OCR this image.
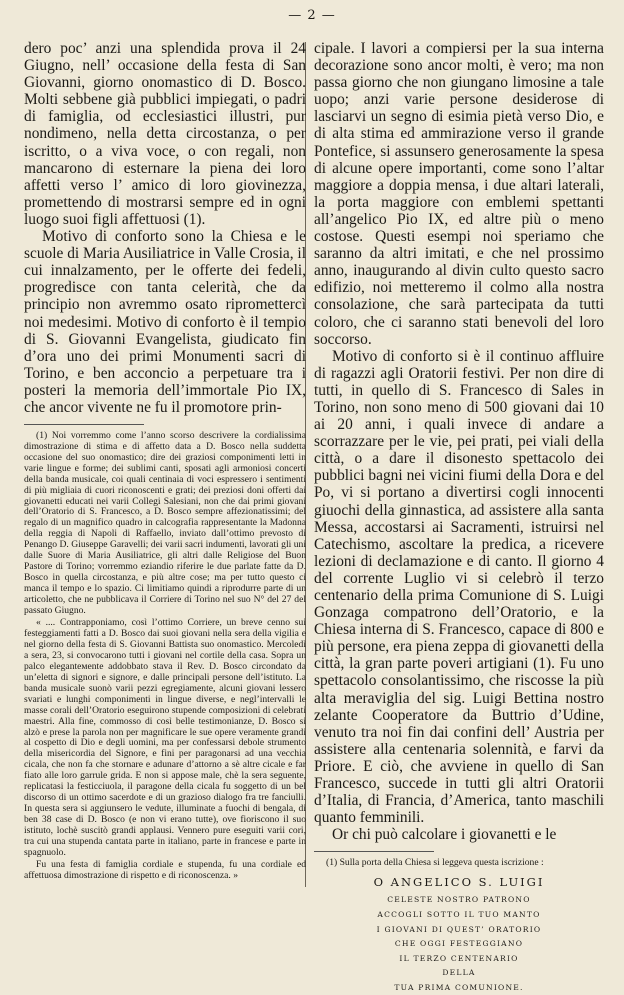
— 2 —

dero poc’ anzi una splendida prova il 24 Giugno, nell’ occasione della festa di San Giovanni, giorno onomastico di D. Bosco. Molti sebbene già pubblici impiegati, o padri di famiglia, od ecclesiastici illustri, pur nondimeno, nella detta circostanza, o per iscritto, o a viva voce, o con regali, non mancarono di esternare la piena dei loro affetti verso l’ amico di loro giovinezza, promettendo di mostrarsi sempre ed in ogni luogo suoi figli affettuosi (1).

Motivo di conforto sono la Chiesa e le scuole di Maria Ausiliatrice in Valle Crosia, il cui innalzamento, per le offerte dei fedeli, progredisce con tanta celerità, che da principio non avremmo osato ripromettercì noi medesimi. Motivo di conforto è il tempio di S. Giovanni Evangelista, giudicato fin d’ora uno dei primi Monumenti sacri di Torino, e ben acconcio a perpetuare tra i posteri la memoria dell’immortale Pio IX, che ancor vivente ne fu il promotore prin-

(1) Noi vorremmo come l’anno scorso descrivere la cordialissima dimostrazione di stima e di affetto data a D. Bosco nella suddetta occasione del suo onomastico; dire dei graziosi componimenti letti in varie lingue e forme; dei sublimi canti, sposati agli armoniosi concerti della banda musicale, coi quali centinaia di voci espressero i sentimenti di più migliaia di cuori riconoscenti e grati; dei preziosi doni offerti dai giovanetti educati nei varii Collegi Salesiani, non che dai primi giovani dell’Oratorio di S. Francesco, a D. Bosco sempre affezionatissimi; del regalo di un magnifico quadro in calcografia rappresentante la Madonna della reggia di Napoli di Raffaello, inviato dall’ottimo prevosto di Penango D. Giuseppe Garavelli; dei varii sacri indumenti, lavorati gli uni dalle Suore di Maria Ausiliatrice, gli altri dalle Religiose del Buon Pastore di Torino; vorremmo eziandio riferire le due parlate fatte da D. Bosco in quella circostanza, e più altre cose; ma per tutto questo ci manca il tempo e lo spazio. Ci limitiamo quindi a riprodurre parte di un articoletto, che ne pubblicava il Corriere di Torino nel suo N° del 27 del passato Giugno.

« .... Contrapponiamo, così l’ottimo Corriere, un breve cenno sui festeggiamenti fatti a D. Bosco dai suoi giovani nella sera della vigilia e nel giorno della festa di S. Giovanni Battista suo onomastico. Mercoledì a sera, 23, si convocarono tutti i giovani nel cortile della casa. Sopra un palco eleganteмente addobbato stava il Rev. D. Bosco circondato da un’eletta di signori e signore, e dalle principali persone dell’istituto. La banda musicale suonò varii pezzi egregiamente, alcuni giovani lessero svariati e lunghi componimenti in lingue diverse, e negl’intervalli le masse corali dell’Oratorio eseguirono stupende composizioni di celebrati maestri. Alla fine, commosso di così belle testimonianze, D. Bosco si alzò e prese la parola non per magnificare le sue opere veramente grandi al cospetto di Dio e degli uomini, ma per confessarsi debole strumento della misericordia del Signore, e fini per paragonarsi ad una vecchia cicala, che non fa che stornare e adunare d’attorno a sè altre cicale e far fiato alle loro garrule grida. E non si appose male, chè la sera seguente, replicatasi la festicciuola, il paragone della cicala fu soggetto di un bel discorso di un ottimo sacerdote e di un grazioso dialogo fra tre fanciulli. In questa sera si aggiunsero le vedute, illuminate a fuochi di bengala, di ben 38 case di D. Bosco (e non vi erano tutte), ove fioriscono il suo istituto, lochè suscitò grandi applausi. Vennero pure eseguiti varii cori, tra cui una stupenda cantata parte in italiano, parte in francese e parte in spagnuolo.

Fu una festa di famiglia cordiale e stupenda, fu una cordiale ed affettuosa dimostrazione di rispetto e di riconoscenza. »

cipale. I lavori a compiersi per la sua interna decorazione sono ancor molti, è vero; ma non passa giorno che non giungano limosine a tale uopo; anzi varie persone desiderose di lasciarvi un segno di esimia pietà verso Dio, e di alta stima ed ammirazione verso il grande Pontefice, si assunsero generosamente la spesa di alcune opere importanti, come sono l’altar maggiore a doppia mensa, i due altari laterali, la porta maggiore con emblemi spettanti all’angelico Pio IX, ed altre più o meno costose. Questi esempi noi speriamo che saranno da altri imitati, e che nel prossimo anno, inaugurando al divin culto questo sacro edifizio, noi metteremo il colmo alla nostra consolazione, che sarà partecipata da tutti coloro, che ci saranno stati benevoli del loro soccorso.

Motivo di conforto si è il continuo affluire di ragazzi agli Oratorii festivi. Per non dire di tutti, in quello di S. Francesco di Sales in Torino, non sono meno di 500 giovani dai 10 ai 20 anni, i quali invece di andare a scorrazzare per le vie, pei prati, pei viali della città, o a dare il disonesto spettacolo dei pubblici bagni nei vicini fiumi della Dora e del Po, vi si portano a divertirsi cogli innocenti giuochi della ginnastica, ad assistere alla santa Messa, accostarsi ai Sacramenti, istruirsi nel Catechismo, ascoltare la predica, a ricevere lezioni di declamazione e di canto. Il giorno 4 del corrente Luglio vi si celebrò il terzo centenario della prima Comunione di S. Luigi Gonzaga compatrono dell’Oratorio, e la Chiesa interna di S. Francesco, capace di 800 e più persone, era piena zeppa di giovanetti della città, la gran parte poveri artigiani (1). Fu uno spettacolo consolantissimo, che riscosse la più alta meraviglia del sig. Luigi Bettina nostro zelante Cooperatore da Buttrio d’Udine, venuto tra noi fin dai confini dell’ Austria per assistere alla centenaria solennità, e farvi da Priore. E ciò, che avviene in quello di San Francesco, succede in tutti gli altri Oratorii d’Italia, di Francia, d’America, tanto maschili quanto femminili.

Or chi può calcolare i giovanetti e le

(1) Sulla porta della Chiesa si leggeva questa iscrizione :

O ANGELICO S. LUIGI
CELESTE NOSTRO PATRONO
ACCOGLI SOTTO IL TUO MANTO
I GIOVANI DI QUEST’ ORATORIO
CHE OGGI FESTEGGIANO
IL TERZO CENTENARIO
DELLA
TUA PRIMA COMUNIONE.
